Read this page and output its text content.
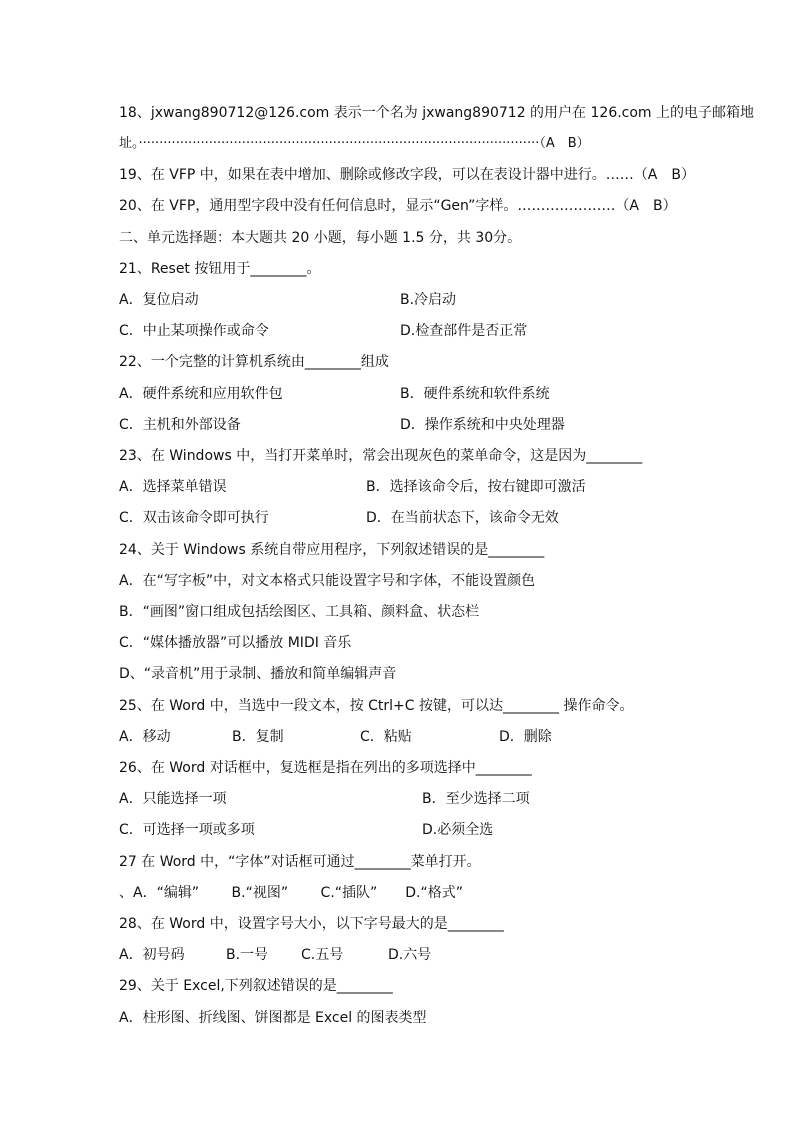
18、jxwang890712@126.com 表示一个名为 jxwang890712 的用户在 126.com 上的电子邮箱地
址。·································································································（A　B）
19、在 VFP 中，如果在表中增加、删除或修改字段，可以在表设计器中进行。……（A　B）
20、在 VFP，通用型字段中没有任何信息时，显示“Gen”字样。…………………（A　B）
二、单元选择题：本大题共 20 小题，每小题 1.5 分，共 30分。
21、Reset 按钮用于________。
A．复位启动	B.冷启动
C．中止某项操作或命令	D.检查部件是否正常
22、一个完整的计算机系统由________组成
A．硬件系统和应用软件包	B．硬件系统和软件系统
C．主机和外部设备	D．操作系统和中央处理器
23、在 Windows 中，当打开菜单时，常会出现灰色的菜单命令，这是因为________
A．选择菜单错误	B．选择该命令后，按右键即可激活
C．双击该命令即可执行	D．在当前状态下，该命令无效
24、关于 Windows 系统自带应用程序，下列叙述错误的是________
A．在“写字板”中，对文本格式只能设置字号和字体，不能设置颜色
B．“画图”窗口组成包括绘图区、工具箱、颜料盒、状态栏
C．“媒体播放器”可以播放 MIDI 音乐
D、“录音机”用于录制、播放和简单编辑声音
25、在 Word 中，当选中一段文本，按 Ctrl+C 按键，可以达________ 操作命令。
A．移动	B．复制	C．粘贴	D．删除
26、在 Word 对话框中，复选框是指在列出的多项选择中________
A．只能选择一项	B．至少选择二项
C．可选择一项或多项	D.必须全选
27 在 Word 中，“字体”对话框可通过________菜单打开。
、A．“编辑”　　 B.“视图”　　 C.“插队”　　D.“格式”
28、在 Word 中，设置字号大小，以下字号最大的是________
A．初号码	B.一号 C.五号	D.六号
29、关于 Excel,下列叙述错误的是________
A．柱形图、折线图、饼图都是 Excel 的图表类型
